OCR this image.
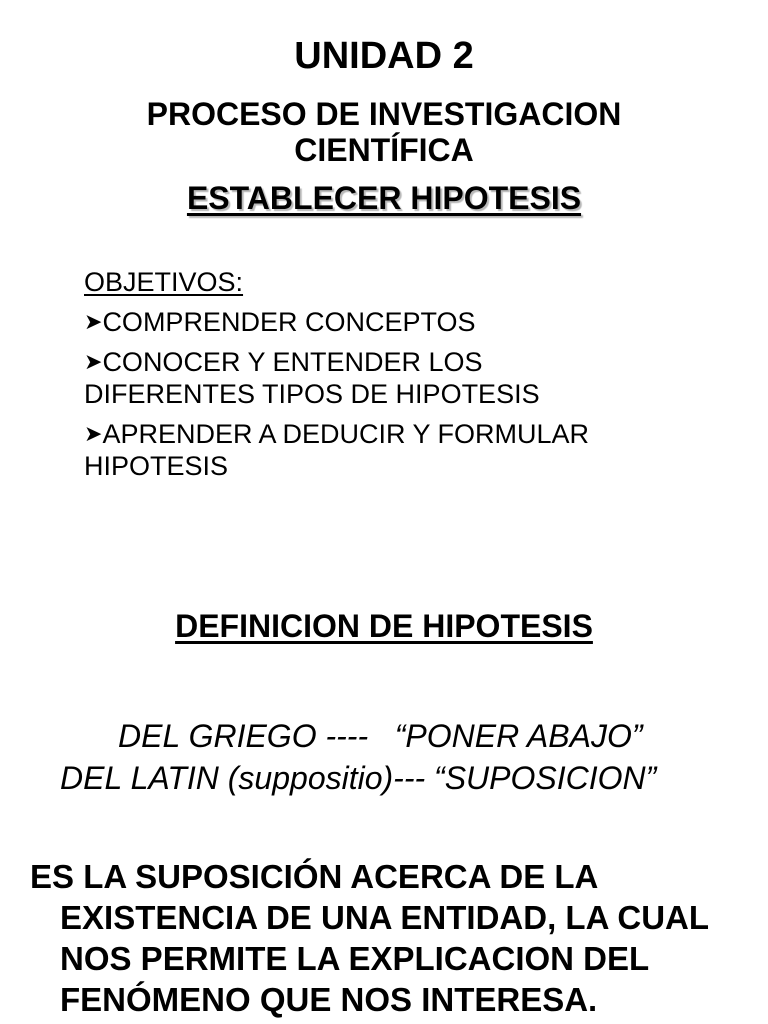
UNIDAD 2
PROCESO DE INVESTIGACION
CIENTÍFICA
ESTABLECER HIPOTESIS
OBJETIVOS:
➤COMPRENDER CONCEPTOS
➤CONOCER Y ENTENDER LOS
DIFERENTES TIPOS DE HIPOTESIS
➤APRENDER A DEDUCIR Y FORMULAR
HIPOTESIS
DEFINICION DE HIPOTESIS
DEL GRIEGO ----   “PONER ABAJO”
DEL LATIN (suppositio)--- “SUPOSICION”
ES LA SUPOSICIÓN ACERCA DE LA
EXISTENCIA DE UNA ENTIDAD, LA CUAL
NOS PERMITE LA EXPLICACION DEL
FENÓMENO QUE NOS INTERESA.
